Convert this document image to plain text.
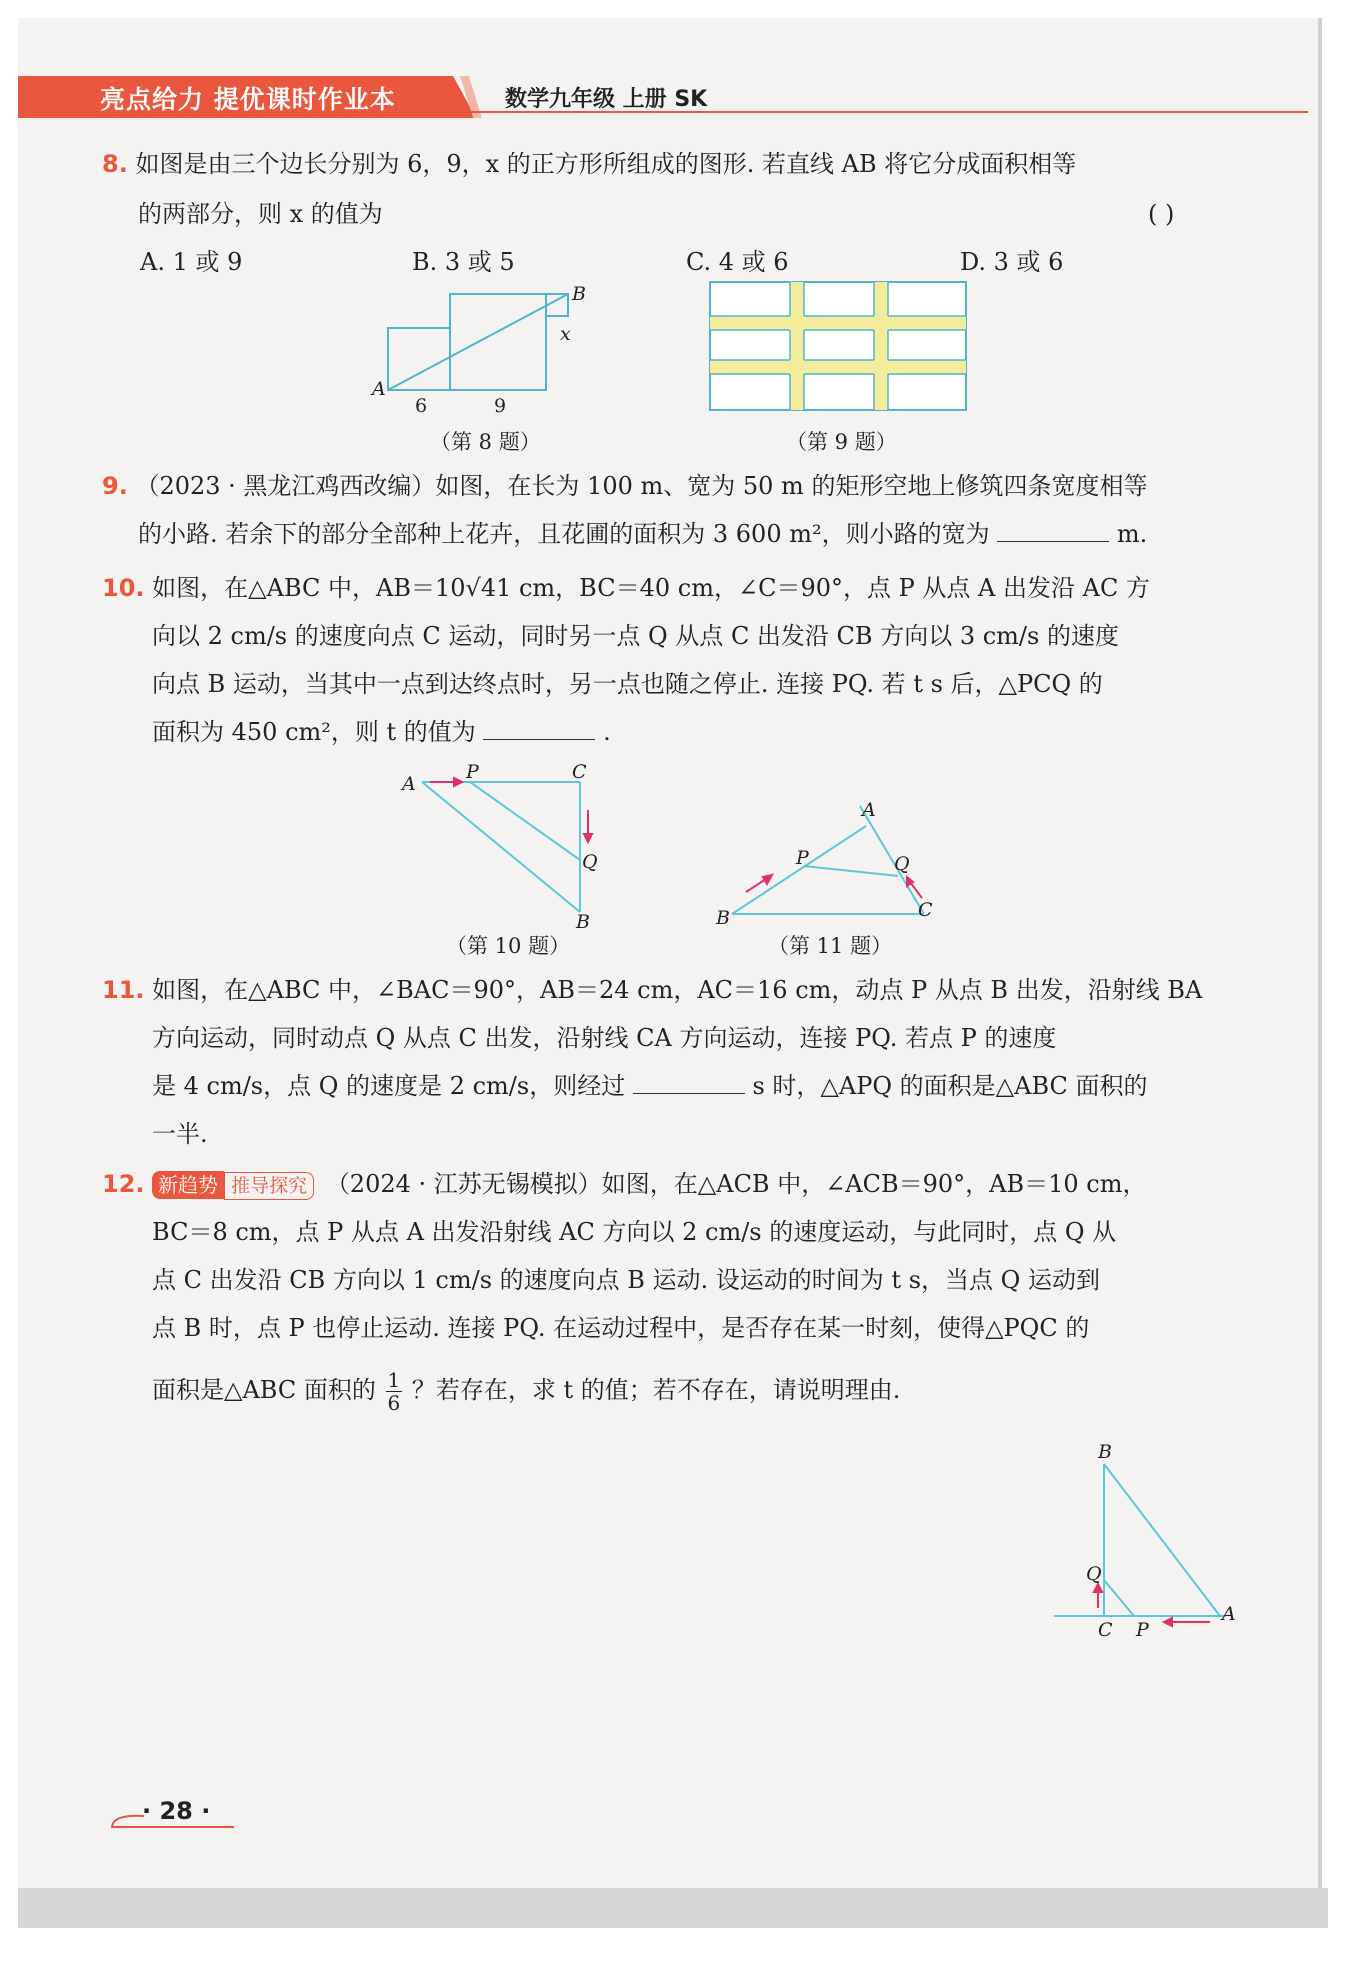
亮点给力 提优课时作业本	数学九年级 上册 SK
8. 如图是由三个边长分别为 6，9，x 的正方形所组成的图形. 若直线 AB 将它分成面积相等
的两部分，则 x 的值为	( )
A. 1 或 9	B. 3 或 5	C. 4 或 6	D. 3 或 6
A
B
x
6	9
（第 8 题）	（第 9 题）
9. （2023 · 黑龙江鸡西改编）如图，在长为 100 m、宽为 50 m 的矩形空地上修筑四条宽度相等
的小路. 若余下的部分全部种上花卉，且花圃的面积为 3 600 m²，则小路的宽为	m.
10. 如图，在△ABC 中，AB＝10√41 cm，BC＝40 cm，∠C＝90°，点 P 从点 A 出发沿 AC 方
向以 2 cm/s 的速度向点 C 运动，同时另一点 Q 从点 C 出发沿 CB 方向以 3 cm/s 的速度
向点 B 运动，当其中一点到达终点时，另一点也随之停止. 连接 PQ. 若 t s 后，△PCQ 的
面积为 450 cm²，则 t 的值为	.
A
P	C
Q
B
（第 10 题）
A
P	Q
B	C
（第 11 题）
11. 如图，在△ABC 中，∠BAC＝90°，AB＝24 cm，AC＝16 cm，动点 P 从点 B 出发，沿射线 BA
方向运动，同时动点 Q 从点 C 出发，沿射线 CA 方向运动，连接 PQ. 若点 P 的速度
是 4 cm/s，点 Q 的速度是 2 cm/s，则经过	s 时，△APQ 的面积是△ABC 面积的
一半.
12. 新趋势 推导探究 （2024 · 江苏无锡模拟）如图，在△ACB 中，∠ACB＝90°，AB＝10 cm，
BC＝8 cm，点 P 从点 A 出发沿射线 AC 方向以 2 cm/s 的速度运动，与此同时，点 Q 从
点 C 出发沿 CB 方向以 1 cm/s 的速度向点 B 运动. 设运动的时间为 t s，当点 Q 运动到
点 B 时，点 P 也停止运动. 连接 PQ. 在运动过程中，是否存在某一时刻，使得△PQC 的
面积是△ABC 面积的 $\frac{1}{6}$ ？若存在，求 t 的值；若不存在，请说明理由.
B
Q
C P
A
· 28 ·
